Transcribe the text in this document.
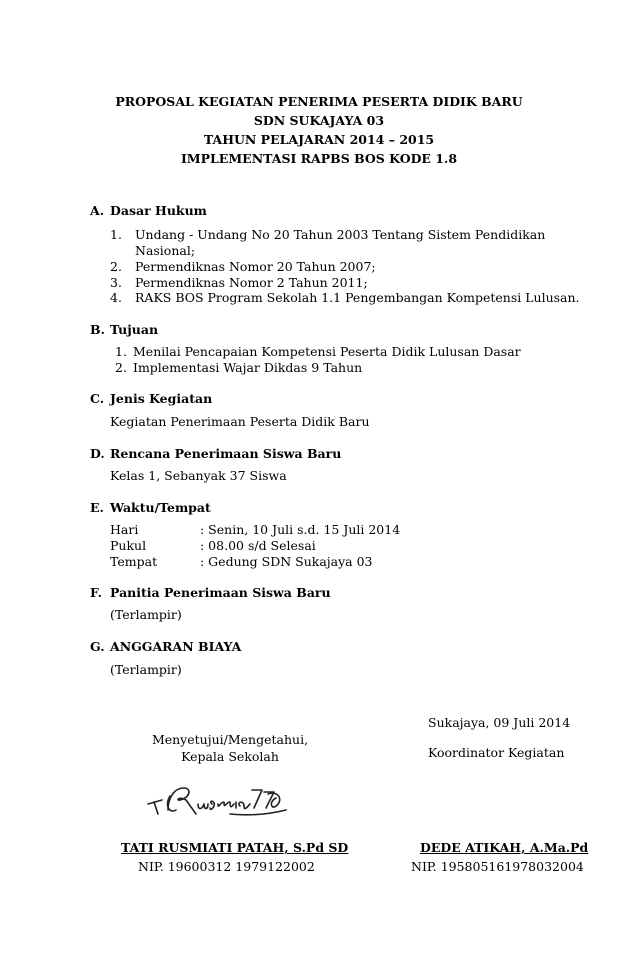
PROPOSAL KEGIATAN PENERIMA PESERTA DIDIK BARU
SDN SUKAJAYA 03
TAHUN PELAJARAN 2014 – 2015
IMPLEMENTASI RAPBS BOS KODE 1.8
A. Dasar Hukum
1. Undang - Undang No 20 Tahun 2003 Tentang Sistem Pendidikan
Nasional;
2. Permendiknas Nomor 20 Tahun 2007;
3. Permendiknas Nomor 2 Tahun 2011;
4. RAKS BOS Program Sekolah 1.1 Pengembangan Kompetensi Lulusan.
B. Tujuan
1. Menilai Pencapaian Kompetensi Peserta Didik Lulusan Dasar
2. Implementasi Wajar Dikdas 9 Tahun
C. Jenis Kegiatan
Kegiatan Penerimaan Peserta Didik Baru
D. Rencana Penerimaan Siswa Baru
Kelas 1, Sebanyak 37 Siswa
E. Waktu/Tempat
Hari	: Senin, 10 Juli s.d. 15 Juli 2014
Pukul	: 08.00 s/d Selesai
Tempat	: Gedung SDN Sukajaya 03
F. Panitia Penerimaan Siswa Baru
(Terlampir)
G. ANGGARAN BIAYA
(Terlampir)
Sukajaya, 09 Juli 2014
Menyetujui/Mengetahui,
Kepala Sekolah	Koordinator Kegiatan
TATI RUSMIATI PATAH, S.Pd SD
NIP. 19600312 1979122002
DEDE ATIKAH, A.Ma.Pd
NIP. 195805161978032004
